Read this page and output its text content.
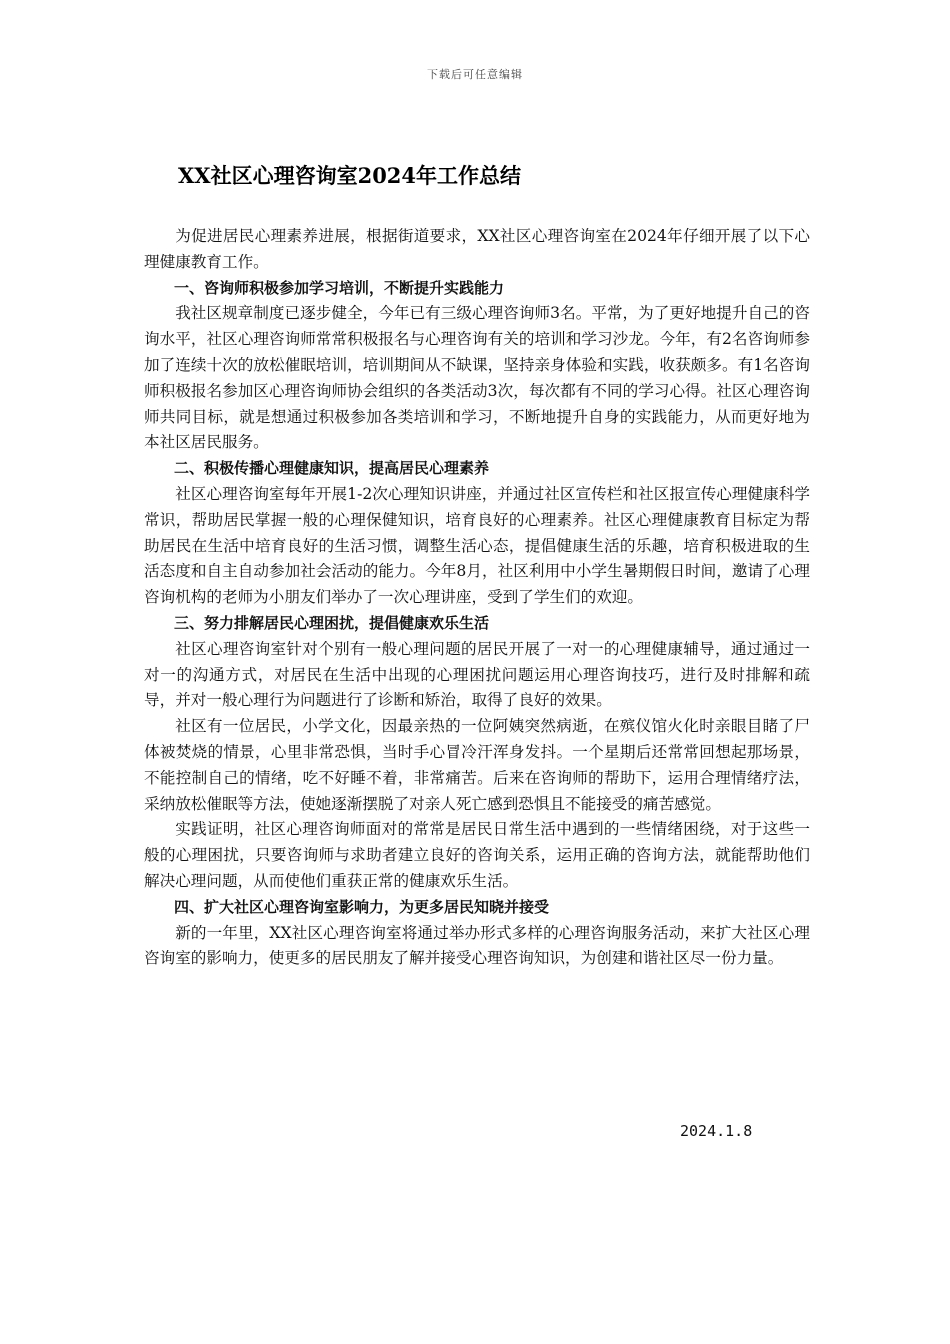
下载后可任意编辑
XX社区心理咨询室2024年工作总结

为促进居民心理素养进展，根据街道要求，XX社区心理咨询室在2024年仔细开展了以下心理健康教育工作。

一、咨询师积极参加学习培训，不断提升实践能力

我社区规章制度已逐步健全，今年已有三级心理咨询师3名。平常，为了更好地提升自己的咨询水平，社区心理咨询师常常积极报名与心理咨询有关的培训和学习沙龙。今年，有2名咨询师参加了连续十次的放松催眠培训，培训期间从不缺课，坚持亲身体验和实践，收获颇多。有1名咨询师积极报名参加区心理咨询师协会组织的各类活动3次，每次都有不同的学习心得。社区心理咨询师共同目标，就是想通过积极参加各类培训和学习，不断地提升自身的实践能力，从而更好地为本社区居民服务。

二、积极传播心理健康知识，提高居民心理素养

社区心理咨询室每年开展1-2次心理知识讲座，并通过社区宣传栏和社区报宣传心理健康科学常识，帮助居民掌握一般的心理保健知识，培育良好的心理素养。社区心理健康教育目标定为帮助居民在生活中培育良好的生活习惯，调整生活心态，提倡健康生活的乐趣，培育积极进取的生活态度和自主自动参加社会活动的能力。今年8月，社区利用中小学生暑期假日时间，邀请了心理咨询机构的老师为小朋友们举办了一次心理讲座，受到了学生们的欢迎。

三、努力排解居民心理困扰，提倡健康欢乐生活

社区心理咨询室针对个别有一般心理问题的居民开展了一对一的心理健康辅导，通过通过一对一的沟通方式，对居民在生活中出现的心理困扰问题运用心理咨询技巧，进行及时排解和疏导，并对一般心理行为问题进行了诊断和矫治，取得了良好的效果。

社区有一位居民，小学文化，因最亲热的一位阿姨突然病逝，在殡仪馆火化时亲眼目睹了尸体被焚烧的情景，心里非常恐惧，当时手心冒冷汗浑身发抖。一个星期后还常常回想起那场景，不能控制自己的情绪，吃不好睡不着，非常痛苦。后来在咨询师的帮助下，运用合理情绪疗法，采纳放松催眠等方法，使她逐渐摆脱了对亲人死亡感到恐惧且不能接受的痛苦感觉。

实践证明，社区心理咨询师面对的常常是居民日常生活中遇到的一些情绪困绕，对于这些一般的心理困扰，只要咨询师与求助者建立良好的咨询关系，运用正确的咨询方法，就能帮助他们解决心理问题，从而使他们重获正常的健康欢乐生活。

四、扩大社区心理咨询室影响力，为更多居民知晓并接受

新的一年里，XX社区心理咨询室将通过举办形式多样的心理咨询服务活动，来扩大社区心理咨询室的影响力，使更多的居民朋友了解并接受心理咨询知识，为创建和谐社区尽一份力量。

2024.1.8
